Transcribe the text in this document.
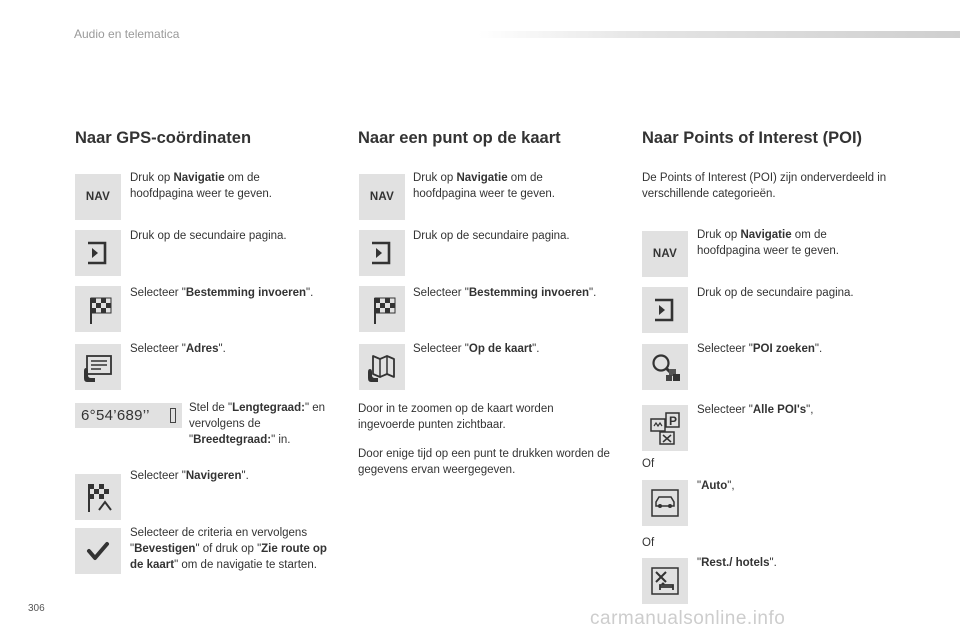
Audio en telematica
Naar GPS-coördinaten
NAV
Druk op Navigatie om de hoofdpagina weer te geven.
Druk op de secundaire pagina.
Selecteer "Bestemming invoeren".
Selecteer "Adres".
6°54’689’’	Stel de "Lengtegraad:" en vervolgens de "Breedtegraad:" in.
Selecteer "Navigeren".
Selecteer de criteria en vervolgens "Bevestigen" of druk op "Zie route op de kaart" om de navigatie te starten.
Naar een punt op de kaart
NAV
Druk op Navigatie om de hoofdpagina weer te geven.
Druk op de secundaire pagina.
Selecteer "Bestemming invoeren".
Selecteer "Op de kaart".
Door in te zoomen op de kaart worden ingevoerde punten zichtbaar.
Door enige tijd op een punt te drukken worden de gegevens ervan weergegeven.
Naar Points of Interest (POI)
De Points of Interest (POI) zijn onderverdeeld in verschillende categorieën.
NAV
Druk op Navigatie om de hoofdpagina weer te geven.
Druk op de secundaire pagina.
Selecteer "POI zoeken".
P
Selecteer "Alle POI's",
Of
"Auto",
Of
"Rest./ hotels".
306	carmanualsonline.info
